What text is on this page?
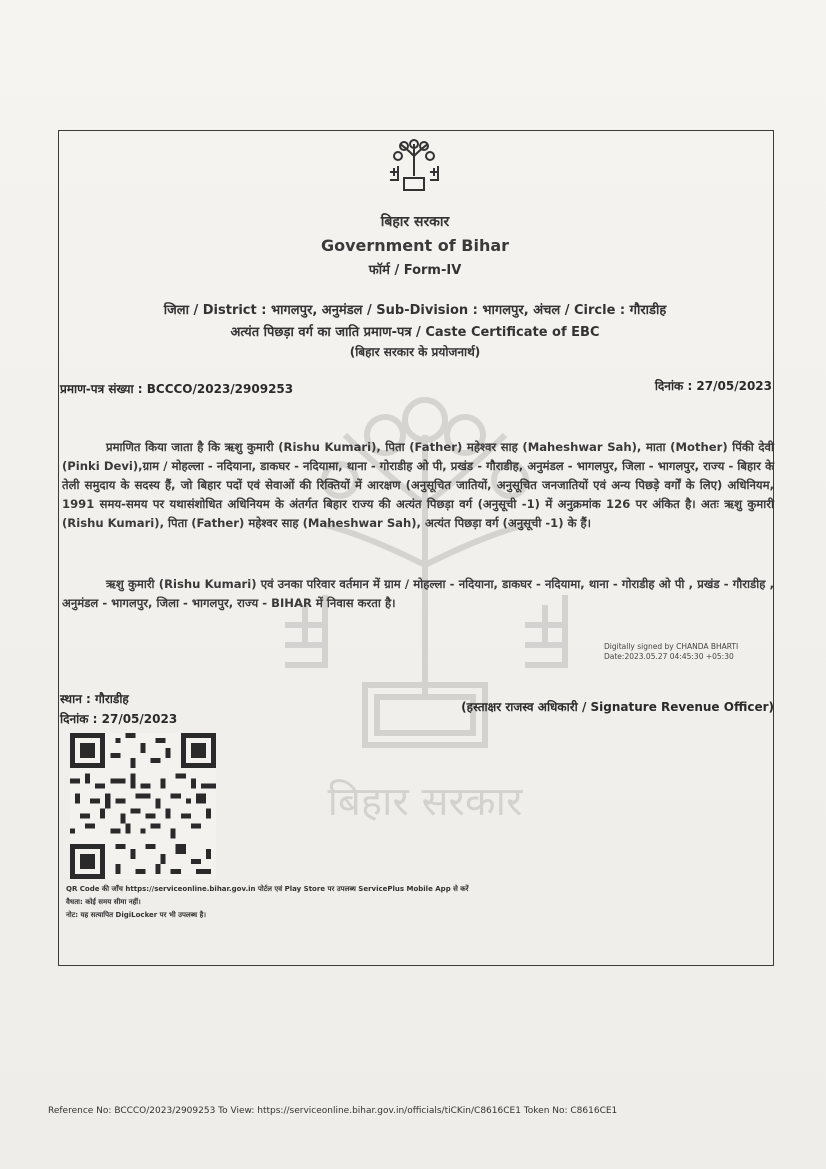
बिहार सरकार
बिहार सरकार
Government of Bihar
फॉर्म / Form-IV
जिला / District : भागलपुर, अनुमंडल / Sub-Division : भागलपुर, अंचल / Circle : गौराडीह
अत्यंत पिछड़ा वर्ग का जाति प्रमाण-पत्र / Caste Certificate of EBC
(बिहार सरकार के प्रयोजनार्थ)
प्रमाण-पत्र संख्या : BCCCO/2023/2909253	दिनांक : 27/05/2023
प्रमाणित किया जाता है कि ऋशु कुमारी (Rishu Kumari), पिता (Father) महेश्वर साह (Maheshwar Sah), माता (Mother) पिंकी देवी (Pinki Devi),ग्राम / मोहल्ला - नदियाना, डाकघर - नदियामा, थाना - गोराडीह ओ पी, प्रखंड - गौराडीह, अनुमंडल - भागलपुर, जिला - भागलपुर, राज्य - बिहार के तेली समुदाय के सदस्य हैं, जो बिहार पदों एवं सेवाओं की रिक्तियों में आरक्षण (अनुसूचित जातियों, अनुसूचित जनजातियों एवं अन्य पिछड़े वर्गों के लिए) अधिनियम, 1991 समय-समय पर यथासंशोधित अधिनियम के अंतर्गत बिहार राज्य की अत्यंत पिछड़ा वर्ग (अनुसूची -1) में अनुक्रमांक 126 पर अंकित है। अतः ऋशु कुमारी (Rishu Kumari), पिता (Father) महेश्वर साह (Maheshwar Sah), अत्यंत पिछड़ा वर्ग (अनुसूची -1) के हैं।
ऋशु कुमारी (Rishu Kumari) एवं उनका परिवार वर्तमान में ग्राम / मोहल्ला - नदियाना, डाकघर - नदियामा, थाना - गोराडीह ओ पी , प्रखंड - गौराडीह , अनुमंडल - भागलपुर, जिला - भागलपुर, राज्य - BIHAR में निवास करता है।
Digitally signed by CHANDA BHARTI
Date:2023.05.27 04:45:30 +05:30
स्थान : गौराडीह
दिनांक : 27/05/2023
(हस्ताक्षर राजस्व अधिकारी / Signature Revenue Officer)
QR Code की जाँच https://serviceonline.bihar.gov.in पोर्टल एवं Play Store पर उपलब्ध ServicePlus Mobile App से करें
वैधता: कोई समय सीमा नहीं।
नोट: यह सत्यापित DigiLocker पर भी उपलब्ध है।
Reference No: BCCCO/2023/2909253 To View: https://serviceonline.bihar.gov.in/officials/tiCKin/C8616CE1 Token No: C8616CE1
